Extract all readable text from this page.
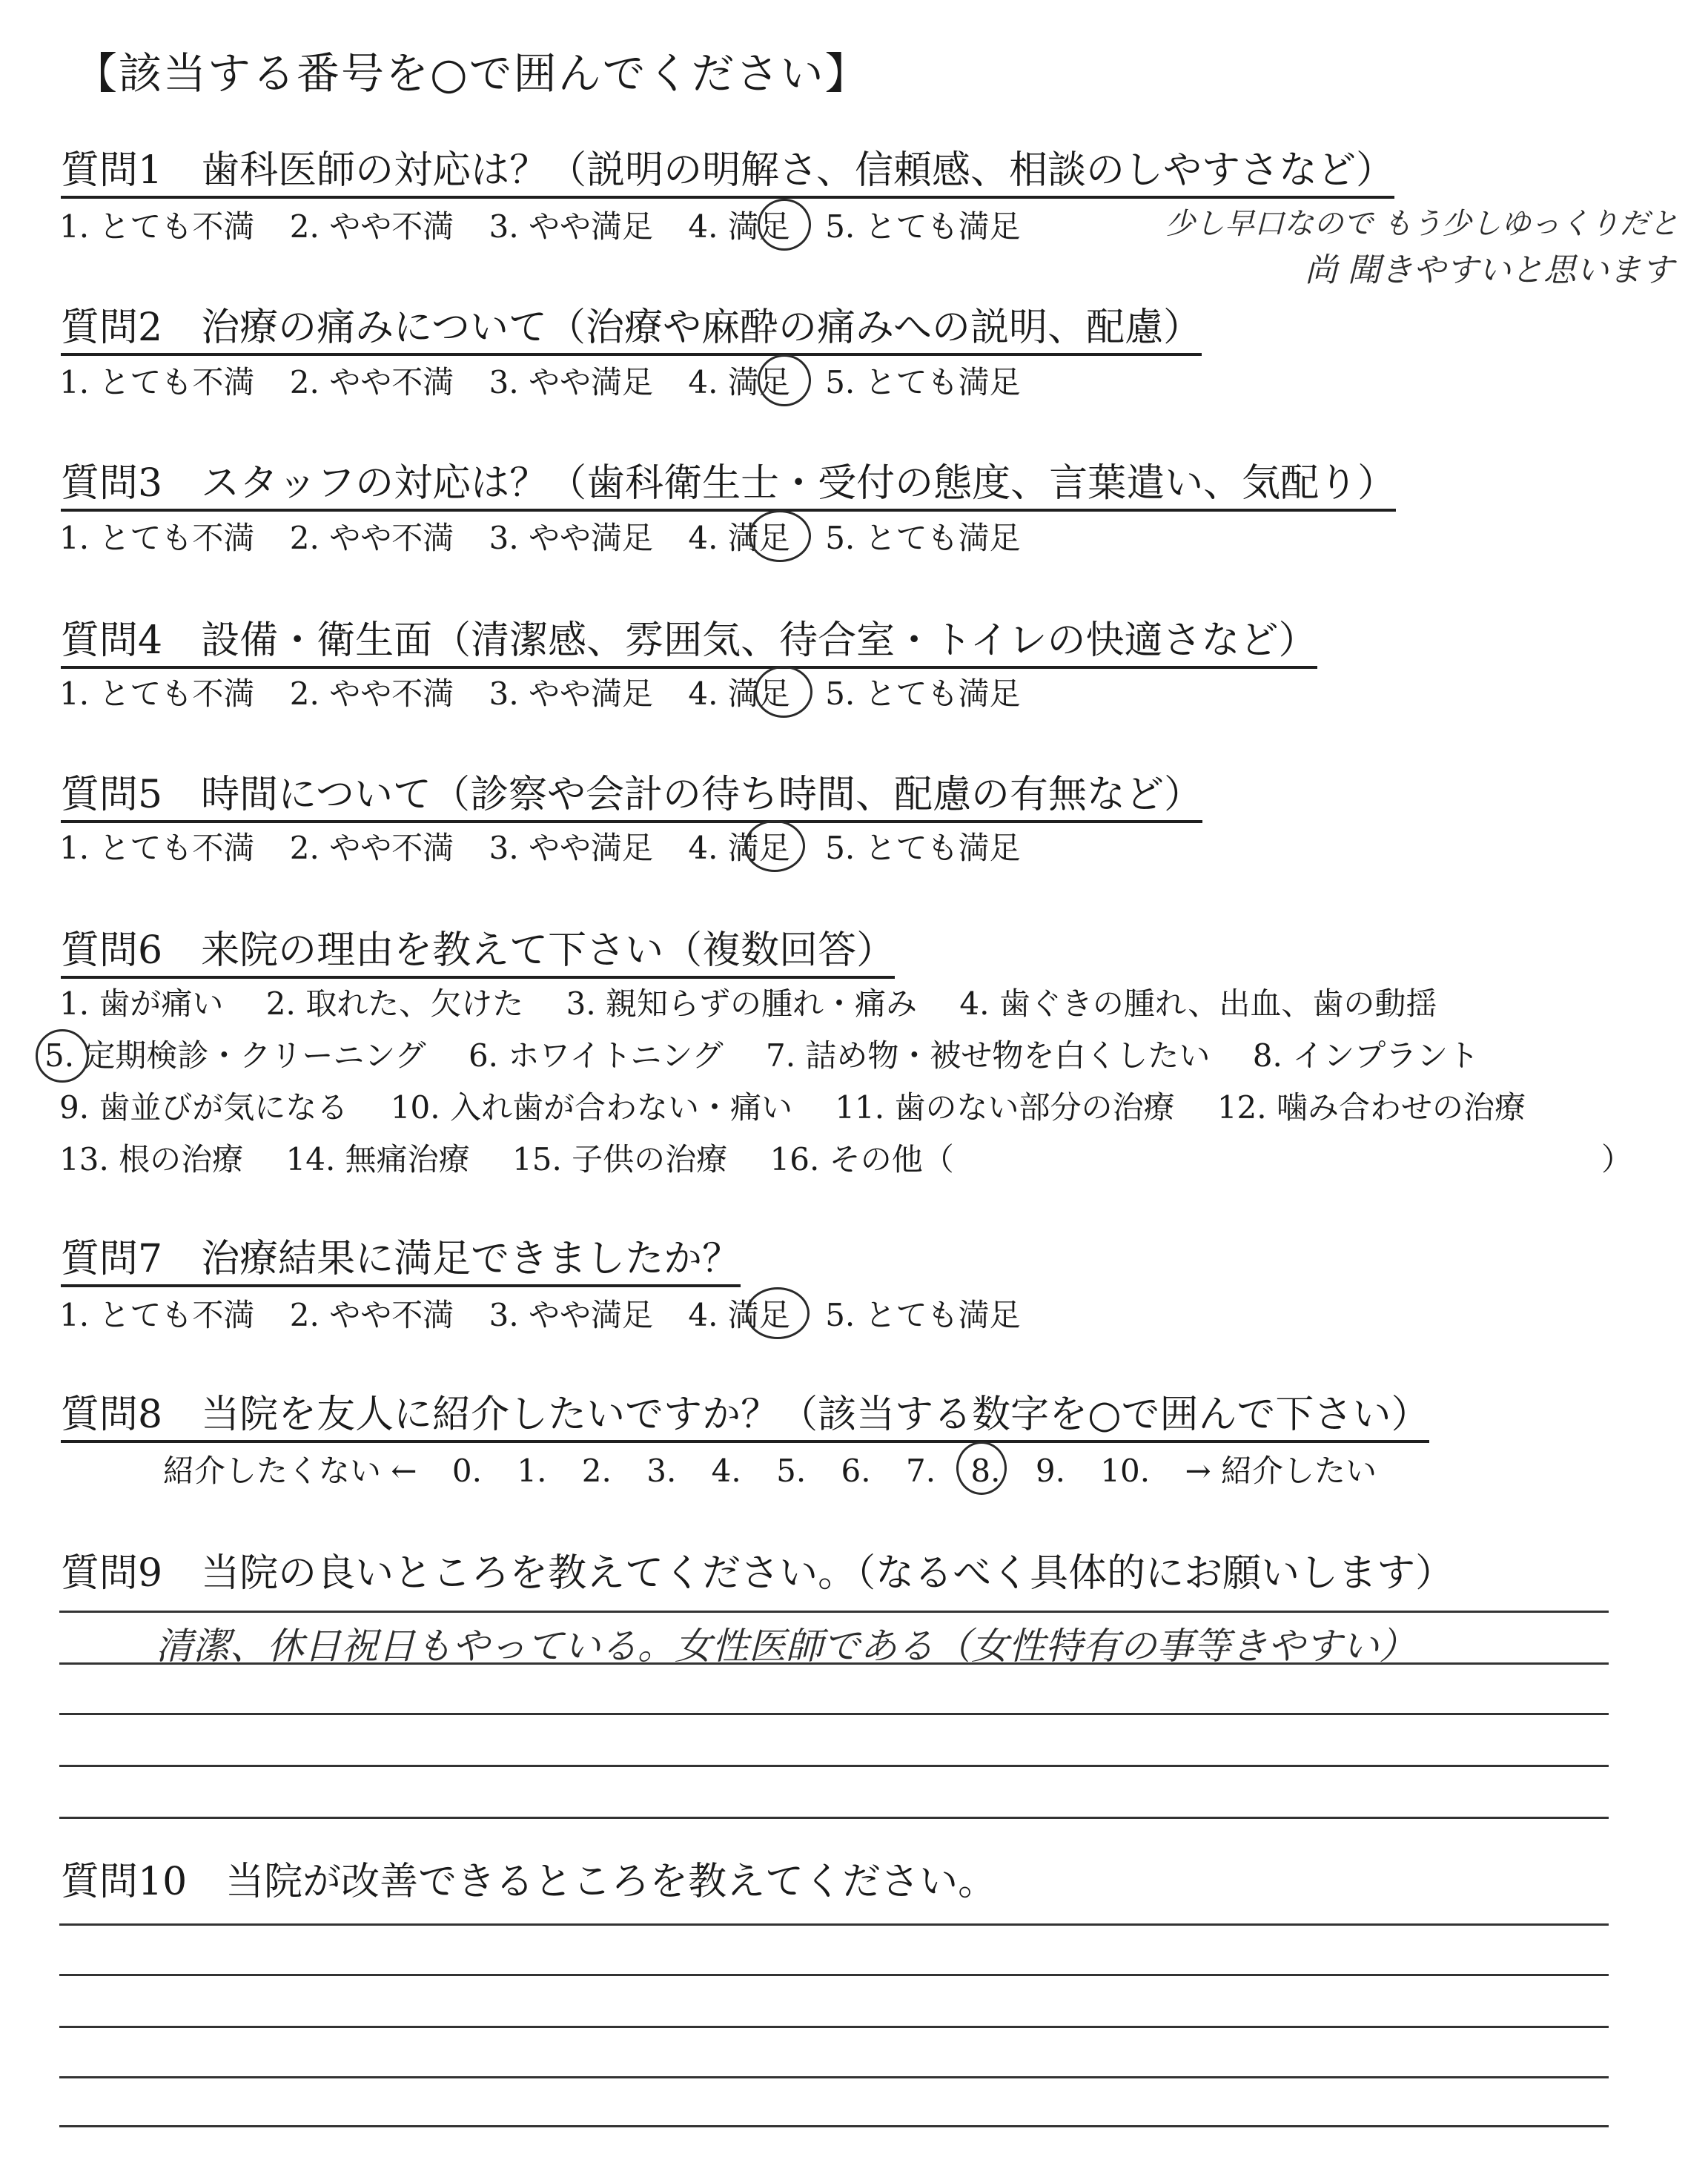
【該当する番号を○で囲んでください】
質問1　歯科医師の対応は？（説明の明解さ、信頼感、相談のしやすさなど）
1. とても不満 2. やや不満 3. やや満足 4. 満足 5. とても満足	少し早口なので もう少しゆっくりだと
尚 聞きやすいと思います
質問2　治療の痛みについて（治療や麻酔の痛みへの説明、配慮）
1. とても不満 2. やや不満 3. やや満足 4. 満足 5. とても満足
質問3　スタッフの対応は？（歯科衛生士・受付の態度、言葉遣い、気配り）
1. とても不満 2. やや不満 3. やや満足 4. 満足 5. とても満足
質問4　設備・衛生面（清潔感、雰囲気、待合室・トイレの快適さなど）
1. とても不満 2. やや不満 3. やや満足 4. 満足 5. とても満足
質問5　時間について（診察や会計の待ち時間、配慮の有無など）
1. とても不満 2. やや不満 3. やや満足 4. 満足 5. とても満足
質問6　来院の理由を教えて下さい（複数回答）
1. 歯が痛い 2. 取れた、欠けた 3. 親知らずの腫れ・痛み 4. 歯ぐきの腫れ、出血、歯の動揺
5. 定期検診・クリーニング 6. ホワイトニング 7. 詰め物・被せ物を白くしたい 8. インプラント
9. 歯並びが気になる 10. 入れ歯が合わない・痛い 11. 歯のない部分の治療 12. 噛み合わせの治療
13. 根の治療 14. 無痛治療 15. 子供の治療 16. その他（	）
質問7　治療結果に満足できましたか？
1. とても不満 2. やや不満 3. やや満足 4. 満足 5. とても満足
質問8　当院を友人に紹介したいですか？（該当する数字を○で囲んで下さい）
紹介したくない ← 0. 1. 2. 3. 4. 5. 6. 7. 8. 9. 10. → 紹介したい
質問9　当院の良いところを教えてください。（なるべく具体的にお願いします）
清潔、休日祝日もやっている。女性医師である（女性特有の事等きやすい）
質問10　当院が改善できるところを教えてください。
